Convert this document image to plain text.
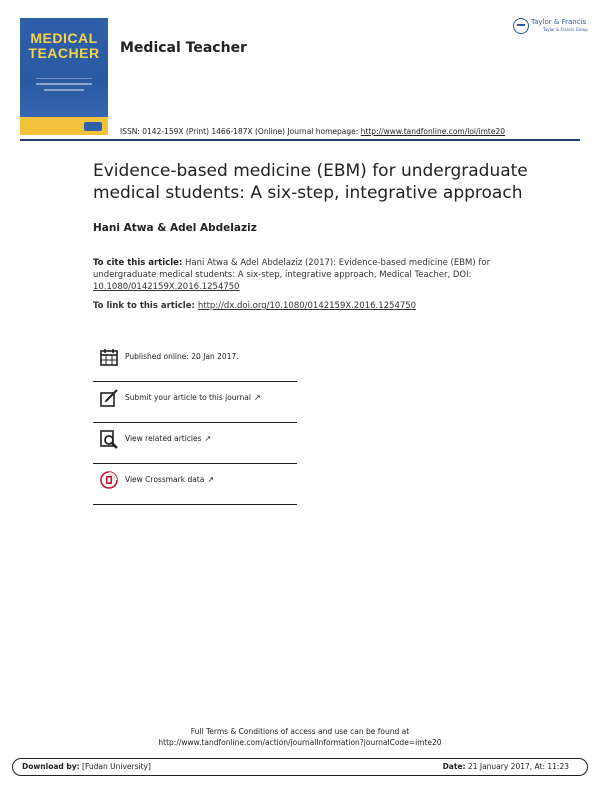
MEDICAL
TEACHER	Medical Teacher
Taylor & Francis
Taylor & Francis Group
ISSN: 0142-159X (Print) 1466-187X (Online) Journal homepage: http://www.tandfonline.com/loi/imte20
Evidence-based medicine (EBM) for undergraduate
medical students: A six-step, integrative approach
Hani Atwa & Adel Abdelaziz
To cite this article: Hani Atwa & Adel Abdelaziz (2017): Evidence-based medicine (EBM) for
undergraduate medical students: A six-step, integrative approach, Medical Teacher, DOI:
10.1080/0142159X.2016.1254750
To link to this article: http://dx.doi.org/10.1080/0142159X.2016.1254750
Published online: 20 Jan 2017.
Submit your article to this journal ↗
View related articles ↗
View Crossmark data ↗
Full Terms & Conditions of access and use can be found at
http://www.tandfonline.com/action/journalInformation?journalCode=imte20
Download by: [Fudan University]	Date: 21 January 2017, At: 11:23
